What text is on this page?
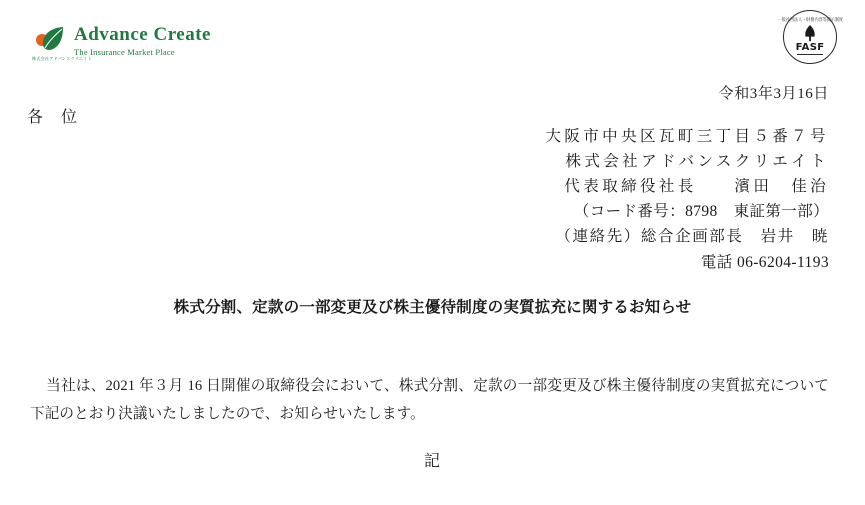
株式会社アドバンスクリエイト
Advance Create
The Insurance Market Place
一般社団法人・財務内容等開示制度
FASF
令和3年3月16日
各　位
大阪市中央区瓦町三丁目５番７号
株式会社アドバンスクリエイト
代表取締役社長　　濱田　佳治
（コード番号：8798　東証第一部）
（連絡先）総合企画部長　岩井　暁
電話 06-6204-1193
株式分割、定款の一部変更及び株主優待制度の実質拡充に関するお知らせ
当社は、2021 年３月 16 日開催の取締役会において、株式分割、定款の一部変更及び株主優待制度の実質拡充について下記のとおり決議いたしましたので、お知らせいたします。
記
